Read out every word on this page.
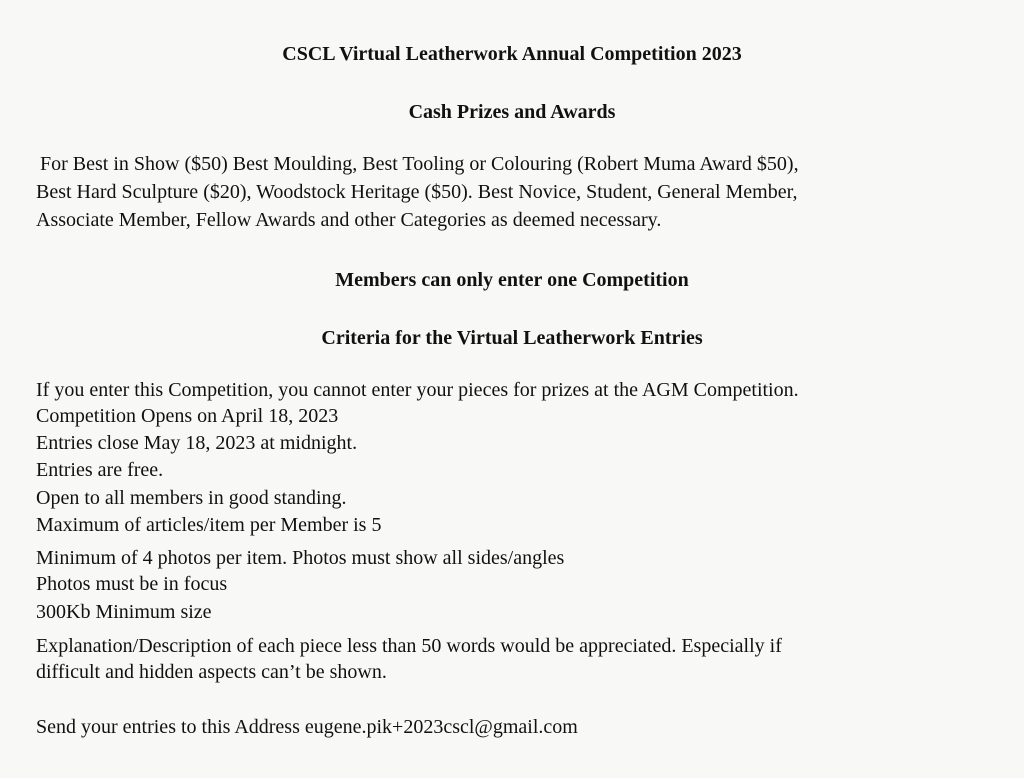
CSCL Virtual Leatherwork Annual Competition 2023
Cash Prizes and Awards
For Best in Show ($50) Best Moulding, Best Tooling or Colouring (Robert Muma Award $50),
Best Hard Sculpture ($20), Woodstock Heritage ($50). Best Novice, Student, General Member,
Associate Member, Fellow Awards and other Categories as deemed necessary.
Members can only enter one Competition
Criteria for the Virtual Leatherwork Entries
If you enter this Competition, you cannot enter your pieces for prizes at the AGM Competition.
Competition Opens on April 18, 2023
Entries close May 18, 2023 at midnight.
Entries are free.
Open to all members in good standing.
Maximum of articles/item per Member is 5
Minimum of 4 photos per item. Photos must show all sides/angles
Photos must be in focus
300Kb Minimum size
Explanation/Description of each piece less than 50 words would be appreciated. Especially if
difficult and hidden aspects can’t be shown.
Send your entries to this Address eugene.pik+2023cscl@gmail.com
